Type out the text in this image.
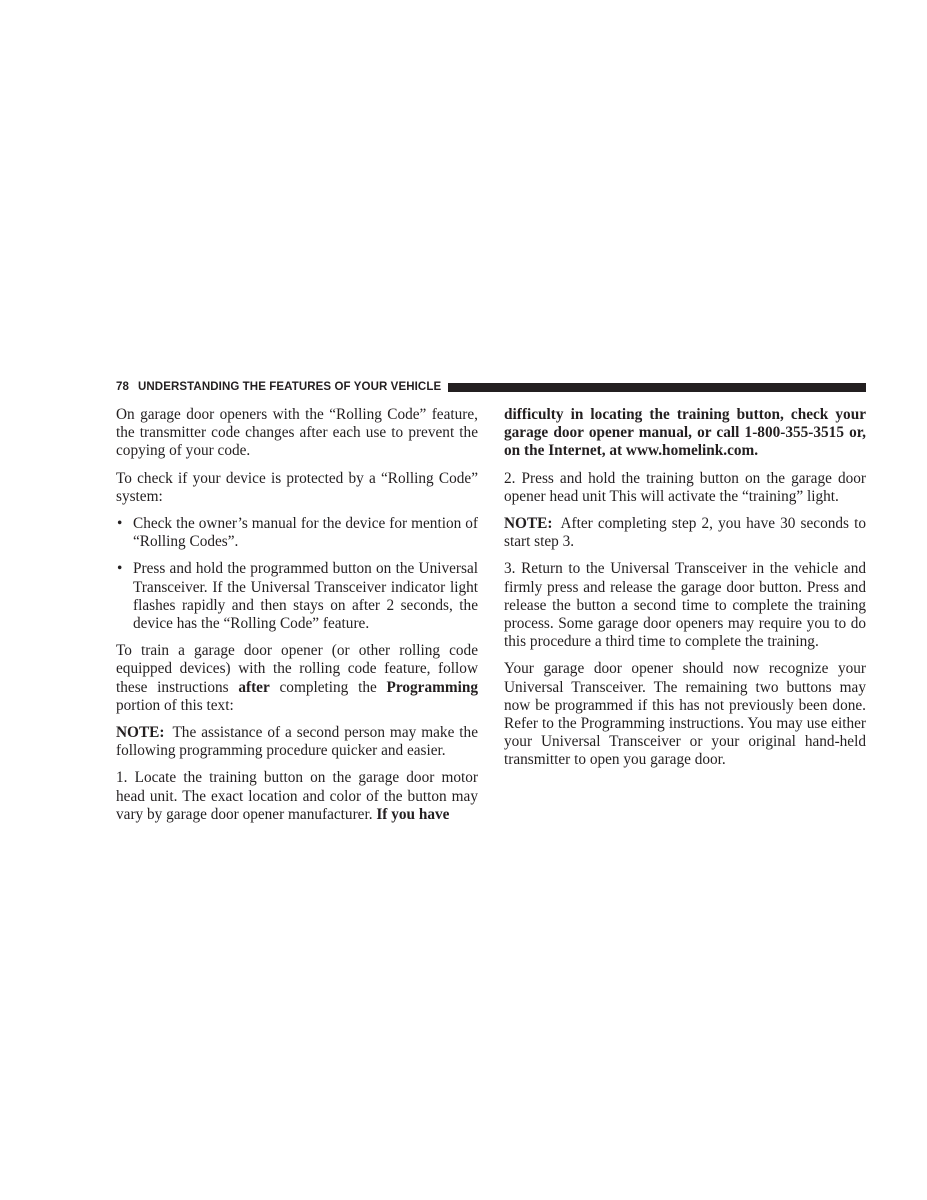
78 UNDERSTANDING THE FEATURES OF YOUR VEHICLE

On garage door openers with the “Rolling Code” feature, the transmitter code changes after each use to prevent the copying of your code.

To check if your device is protected by a “Rolling Code” system:

• Check the owner’s manual for the device for mention of “Rolling Codes”.
• Press and hold the programmed button on the Universal Transceiver. If the Universal Transceiver indicator light flashes rapidly and then stays on after 2 seconds, the device has the “Rolling Code” feature.

To train a garage door opener (or other rolling code equipped devices) with the rolling code feature, follow these instructions after completing the Programming portion of this text:

NOTE: The assistance of a second person may make the following programming procedure quicker and easier.

1. Locate the training button on the garage door motor head unit. The exact location and color of the button may vary by garage door opener manufacturer. If you have

difficulty in locating the training button, check your garage door opener manual, or call 1-800-355-3515 or, on the Internet, at www.homelink.com.

2. Press and hold the training button on the garage door opener head unit This will activate the “training” light.

NOTE: After completing step 2, you have 30 seconds to start step 3.

3. Return to the Universal Transceiver in the vehicle and firmly press and release the garage door button. Press and release the button a second time to complete the training process. Some garage door openers may require you to do this procedure a third time to complete the training.

Your garage door opener should now recognize your Universal Transceiver. The remaining two buttons may now be programmed if this has not previously been done. Refer to the Programming instructions. You may use either your Universal Transceiver or your original hand-held transmitter to open you garage door.
